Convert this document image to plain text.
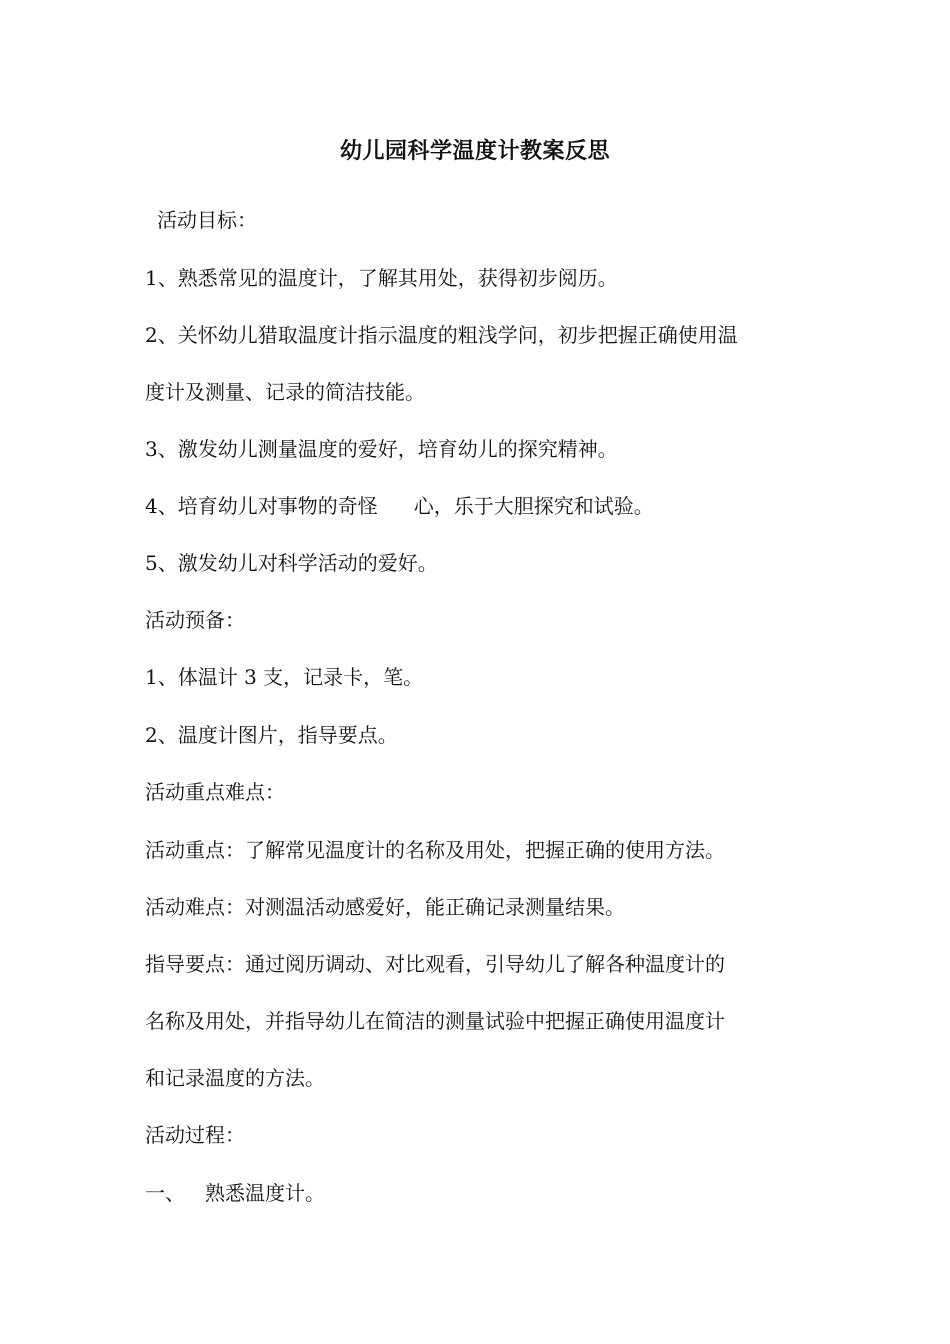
幼儿园科学温度计教案反思
活动目标：
1、熟悉常见的温度计，了解其用处，获得初步阅历。
2、关怀幼儿猎取温度计指示温度的粗浅学问，初步把握正确使用温
度计及测量、记录的简洁技能。
3、激发幼儿测量温度的爱好，培育幼儿的探究精神。
4、培育幼儿对事物的奇怪 心，乐于大胆探究和试验。
5、激发幼儿对科学活动的爱好。
活动预备：
1、体温计 3 支，记录卡，笔。
2、温度计图片，指导要点。
活动重点难点：
活动重点：了解常见温度计的名称及用处，把握正确的使用方法。
活动难点：对测温活动感爱好，能正确记录测量结果。
指导要点：通过阅历调动、对比观看，引导幼儿了解各种温度计的
名称及用处，并指导幼儿在简洁的测量试验中把握正确使用温度计
和记录温度的方法。
活动过程：
一、 熟悉温度计。
